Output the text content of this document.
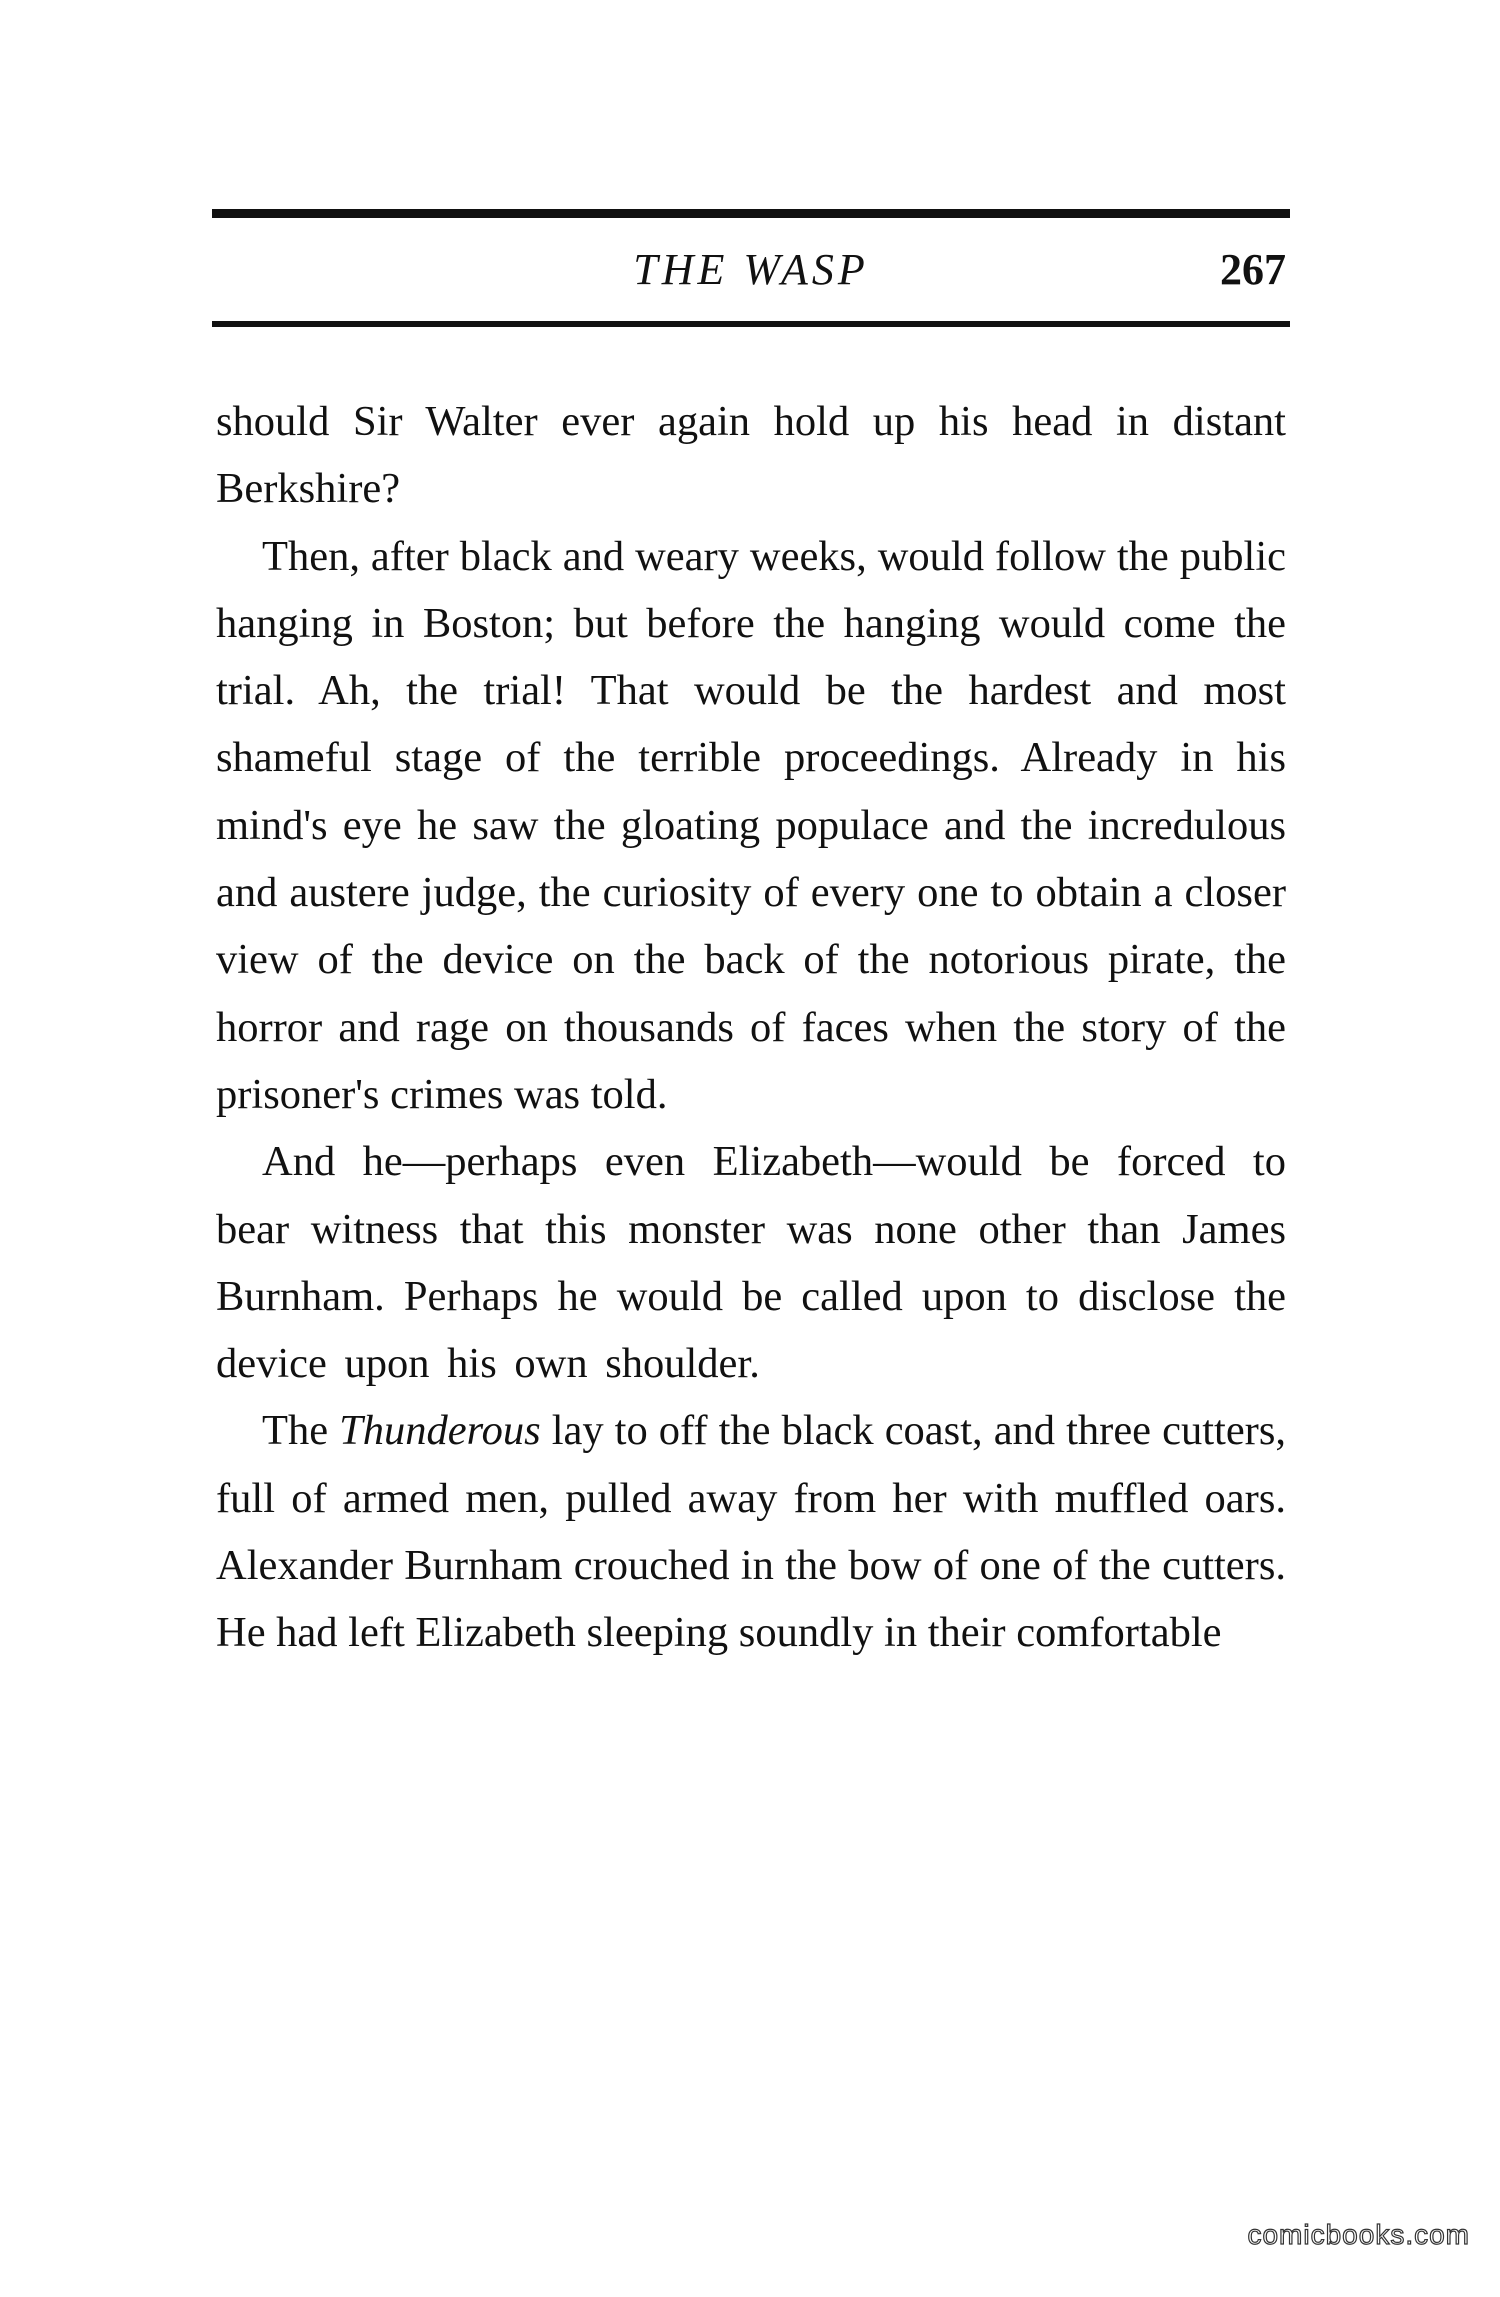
THE WASP	267

should Sir Walter ever again hold up his head in distant Berkshire?

Then, after black and weary weeks, would follow the public hanging in Boston; but before the hanging would come the trial. Ah, the trial! That would be the hardest and most shameful stage of the terrible proceedings. Already in his mind's eye he saw the gloating populace and the incredulous and austere judge, the curiosity of every one to obtain a closer view of the device on the back of the notorious pirate, the horror and rage on thousands of faces when the story of the prisoner's crimes was told.

And he—perhaps even Elizabeth—would be forced to bear witness that this monster was none other than James Burnham. Perhaps he would be called upon to disclose the device upon his own shoulder.

The Thunderous lay to off the black coast, and three cutters, full of armed men, pulled away from her with muffled oars. Alexander Burnham crouched in the bow of one of the cutters. He had left Elizabeth sleeping soundly in their comfortable

comicbooks.com
